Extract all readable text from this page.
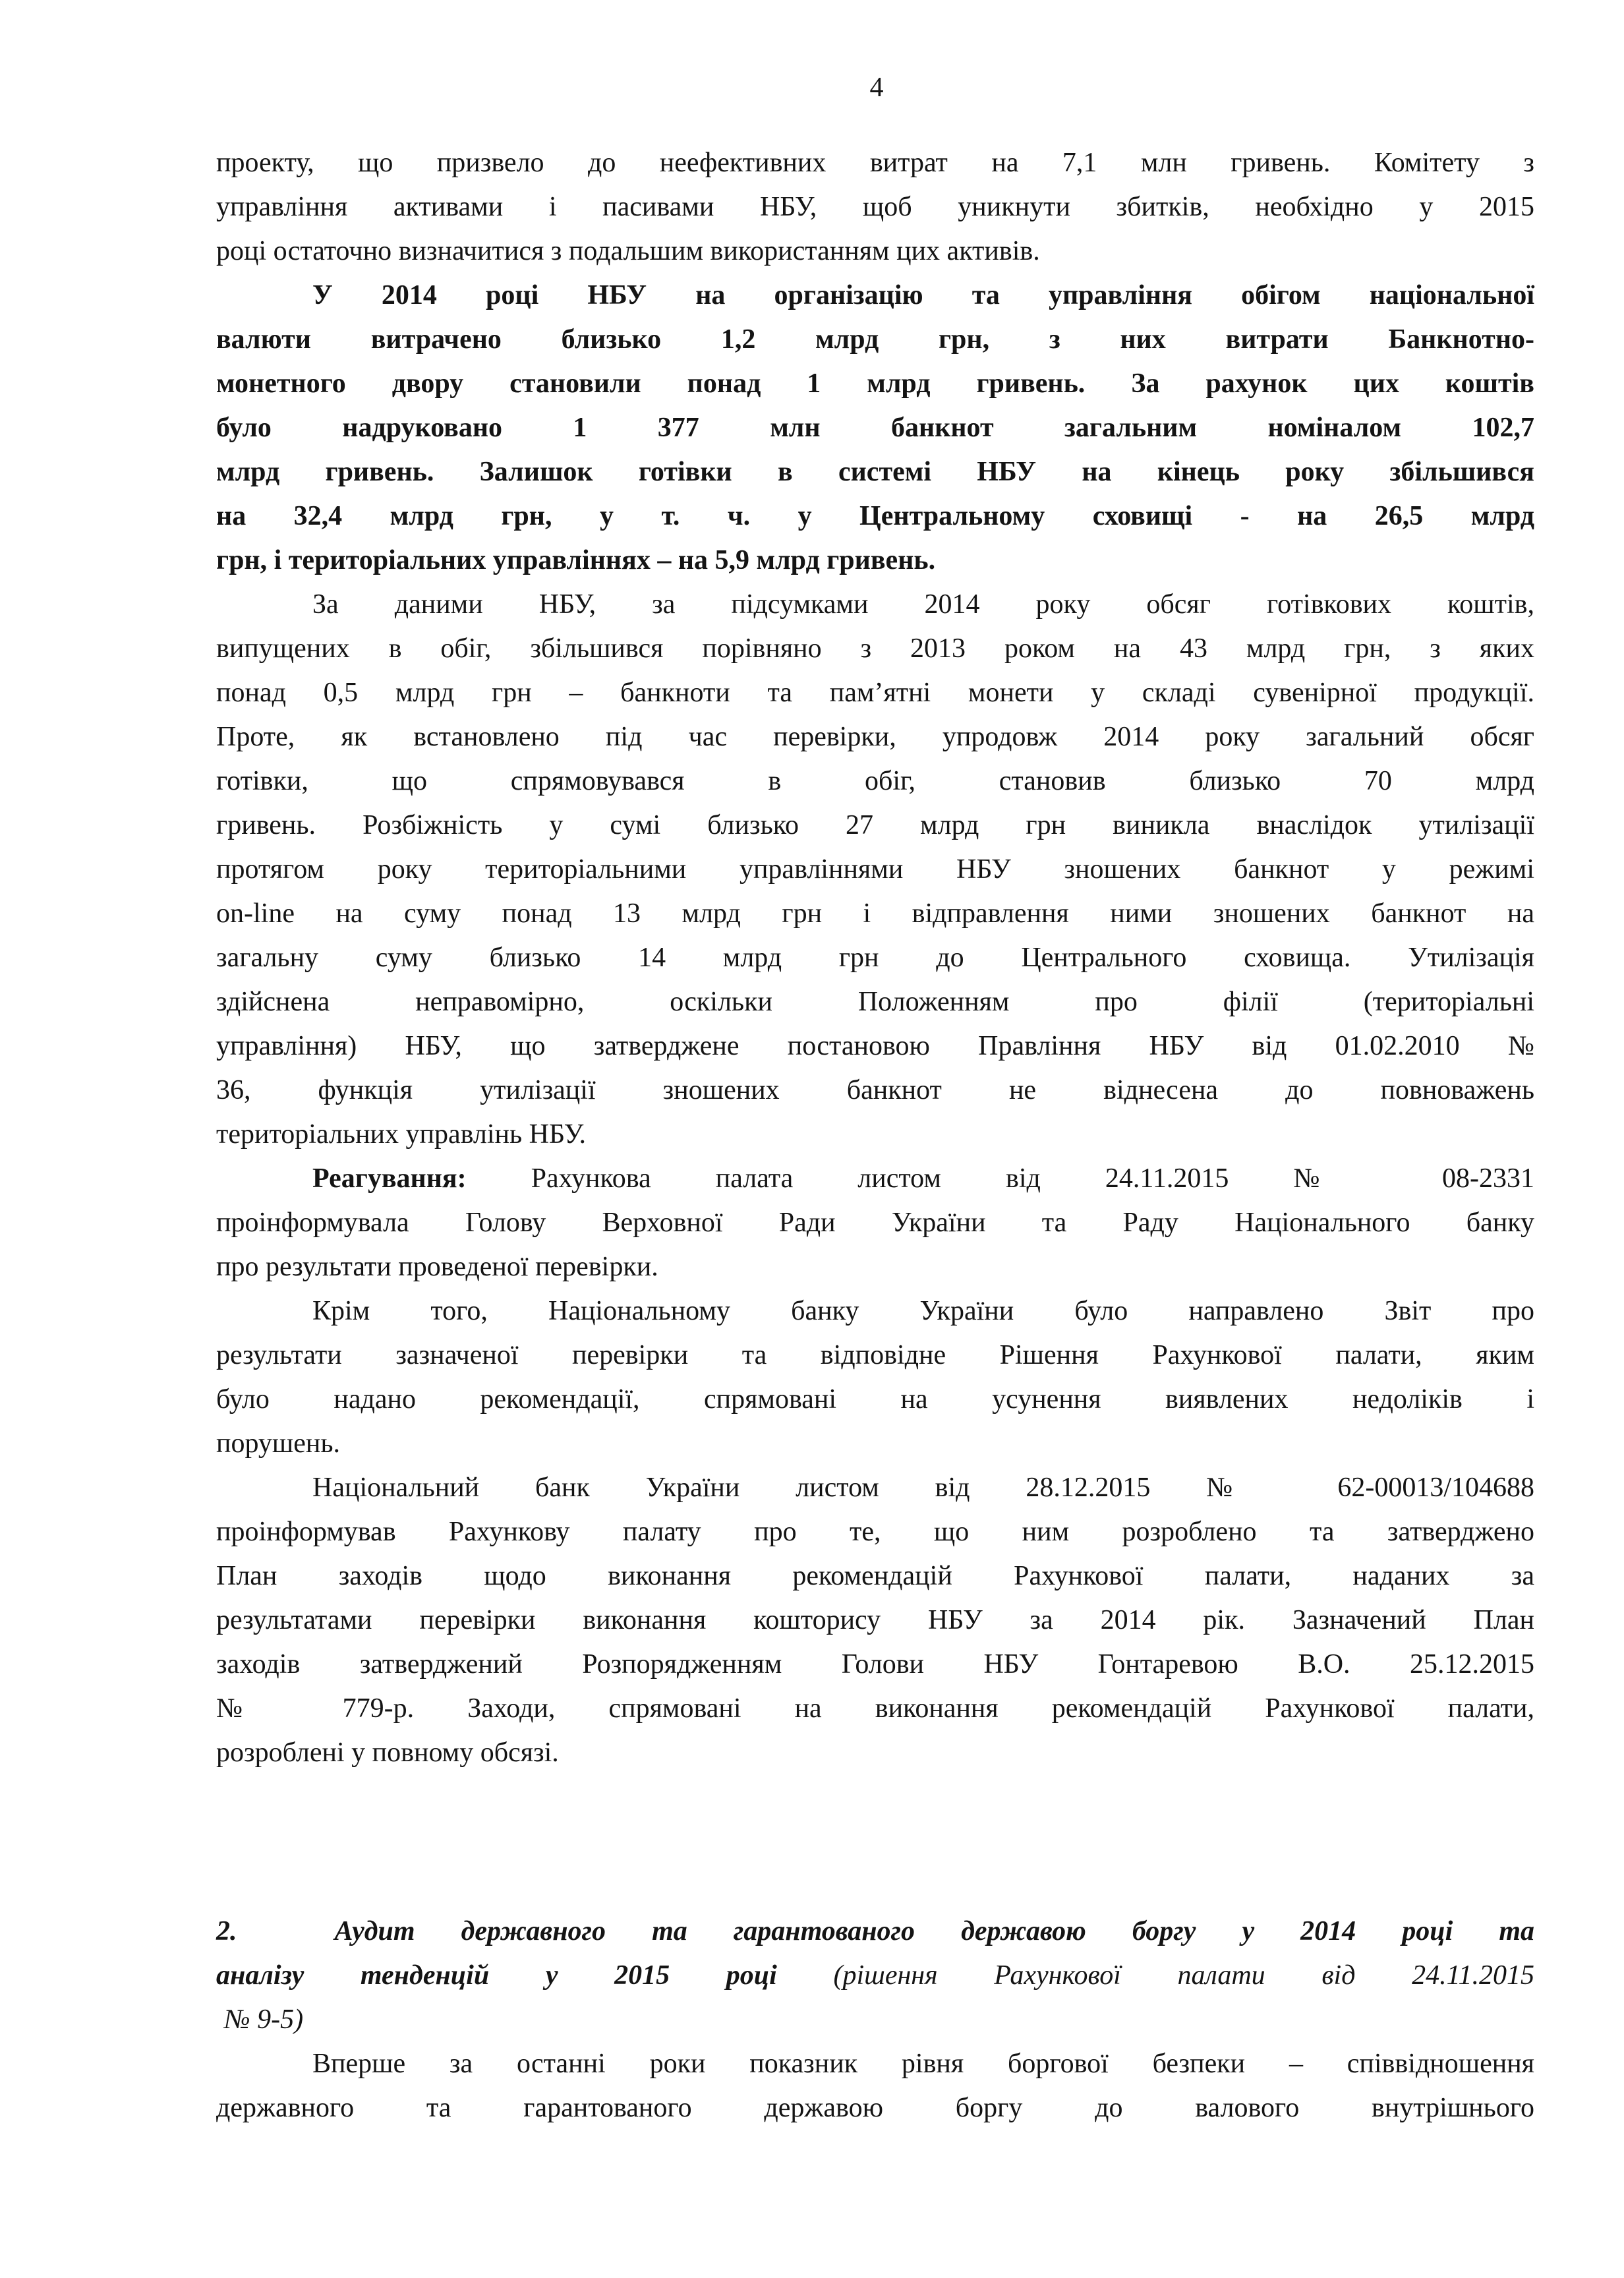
4
проекту, що призвело до неефективних витрат на 7,1 млн гривень. Комітету з
управління активами і пасивами НБУ, щоб уникнути збитків, необхідно у 2015
році остаточно визначитися з подальшим використанням цих активів.
У 2014 році НБУ на організацію та управління обігом національної
валюти витрачено близько 1,2 млрд грн, з них витрати Банкнотно-
монетного двору становили понад 1 млрд гривень. За рахунок цих коштів
було надруковано 1 377 млн банкнот загальним номіналом	102,7
млрд гривень. Залишок готівки в системі НБУ на кінець року збільшився
на 32,4 млрд грн, у т. ч. у Центральному сховищі - на 26,5 млрд
грн, і територіальних управліннях – на 5,9 млрд гривень.
За даними НБУ, за підсумками 2014 року обсяг готівкових коштів,
випущених в обіг, збільшився порівняно з 2013 роком на 43 млрд грн, з яких
понад 0,5 млрд грн – банкноти та пам’ятні монети у складі сувенірної продукції.
Проте, як встановлено під час перевірки, упродовж 2014 року загальний обсяг
готівки, що спрямовувався в обіг, становив близько	70 млрд
гривень. Розбіжність у сумі близько 27 млрд грн виникла внаслідок утилізації
протягом року територіальними управліннями НБУ зношених банкнот у режимі
on-line на суму понад 13 млрд грн і відправлення ними зношених банкнот на
загальну суму близько 14 млрд грн до Центрального сховища. Утилізація
здійснена неправомірно, оскільки Положенням про філії (територіальні
управління) НБУ, що затверджене постановою Правління НБУ від 01.02.2010 №
36, функція утилізації зношених банкнот не віднесена до повноважень
територіальних управлінь НБУ.
Реагування: Рахункова палата листом від 24.11.2015 № 08-2331
проінформувала Голову Верховної Ради України та Раду Національного банку
про результати проведеної перевірки.
Крім того, Національному банку України було направлено Звіт про
результати зазначеної перевірки та відповідне Рішення Рахункової палати, яким
було надано рекомендації, спрямовані на усунення виявлених недоліків і
порушень.
Національний банк України листом від 28.12.2015 № 62-00013/104688
проінформував Рахункову палату про те, що ним розроблено та затверджено
План заходів щодо виконання рекомендацій Рахункової палати, наданих за
результатами перевірки виконання кошторису НБУ за 2014 рік. Зазначений План
заходів затверджений Розпорядженням Голови НБУ Гонтаревою В.О. 25.12.2015
№ 779-р. Заходи, спрямовані на виконання рекомендацій Рахункової палати,
розроблені у повному обсязі.
2.	Аудит державного та гарантованого державою боргу у 2014 році та
аналізу тенденцій у 2015 році (рішення Рахункової палати від 24.11.2015
№ 9-5)
Вперше за останні роки показник рівня боргової безпеки – співвідношення
державного та гарантованого державою боргу до валового внутрішнього
